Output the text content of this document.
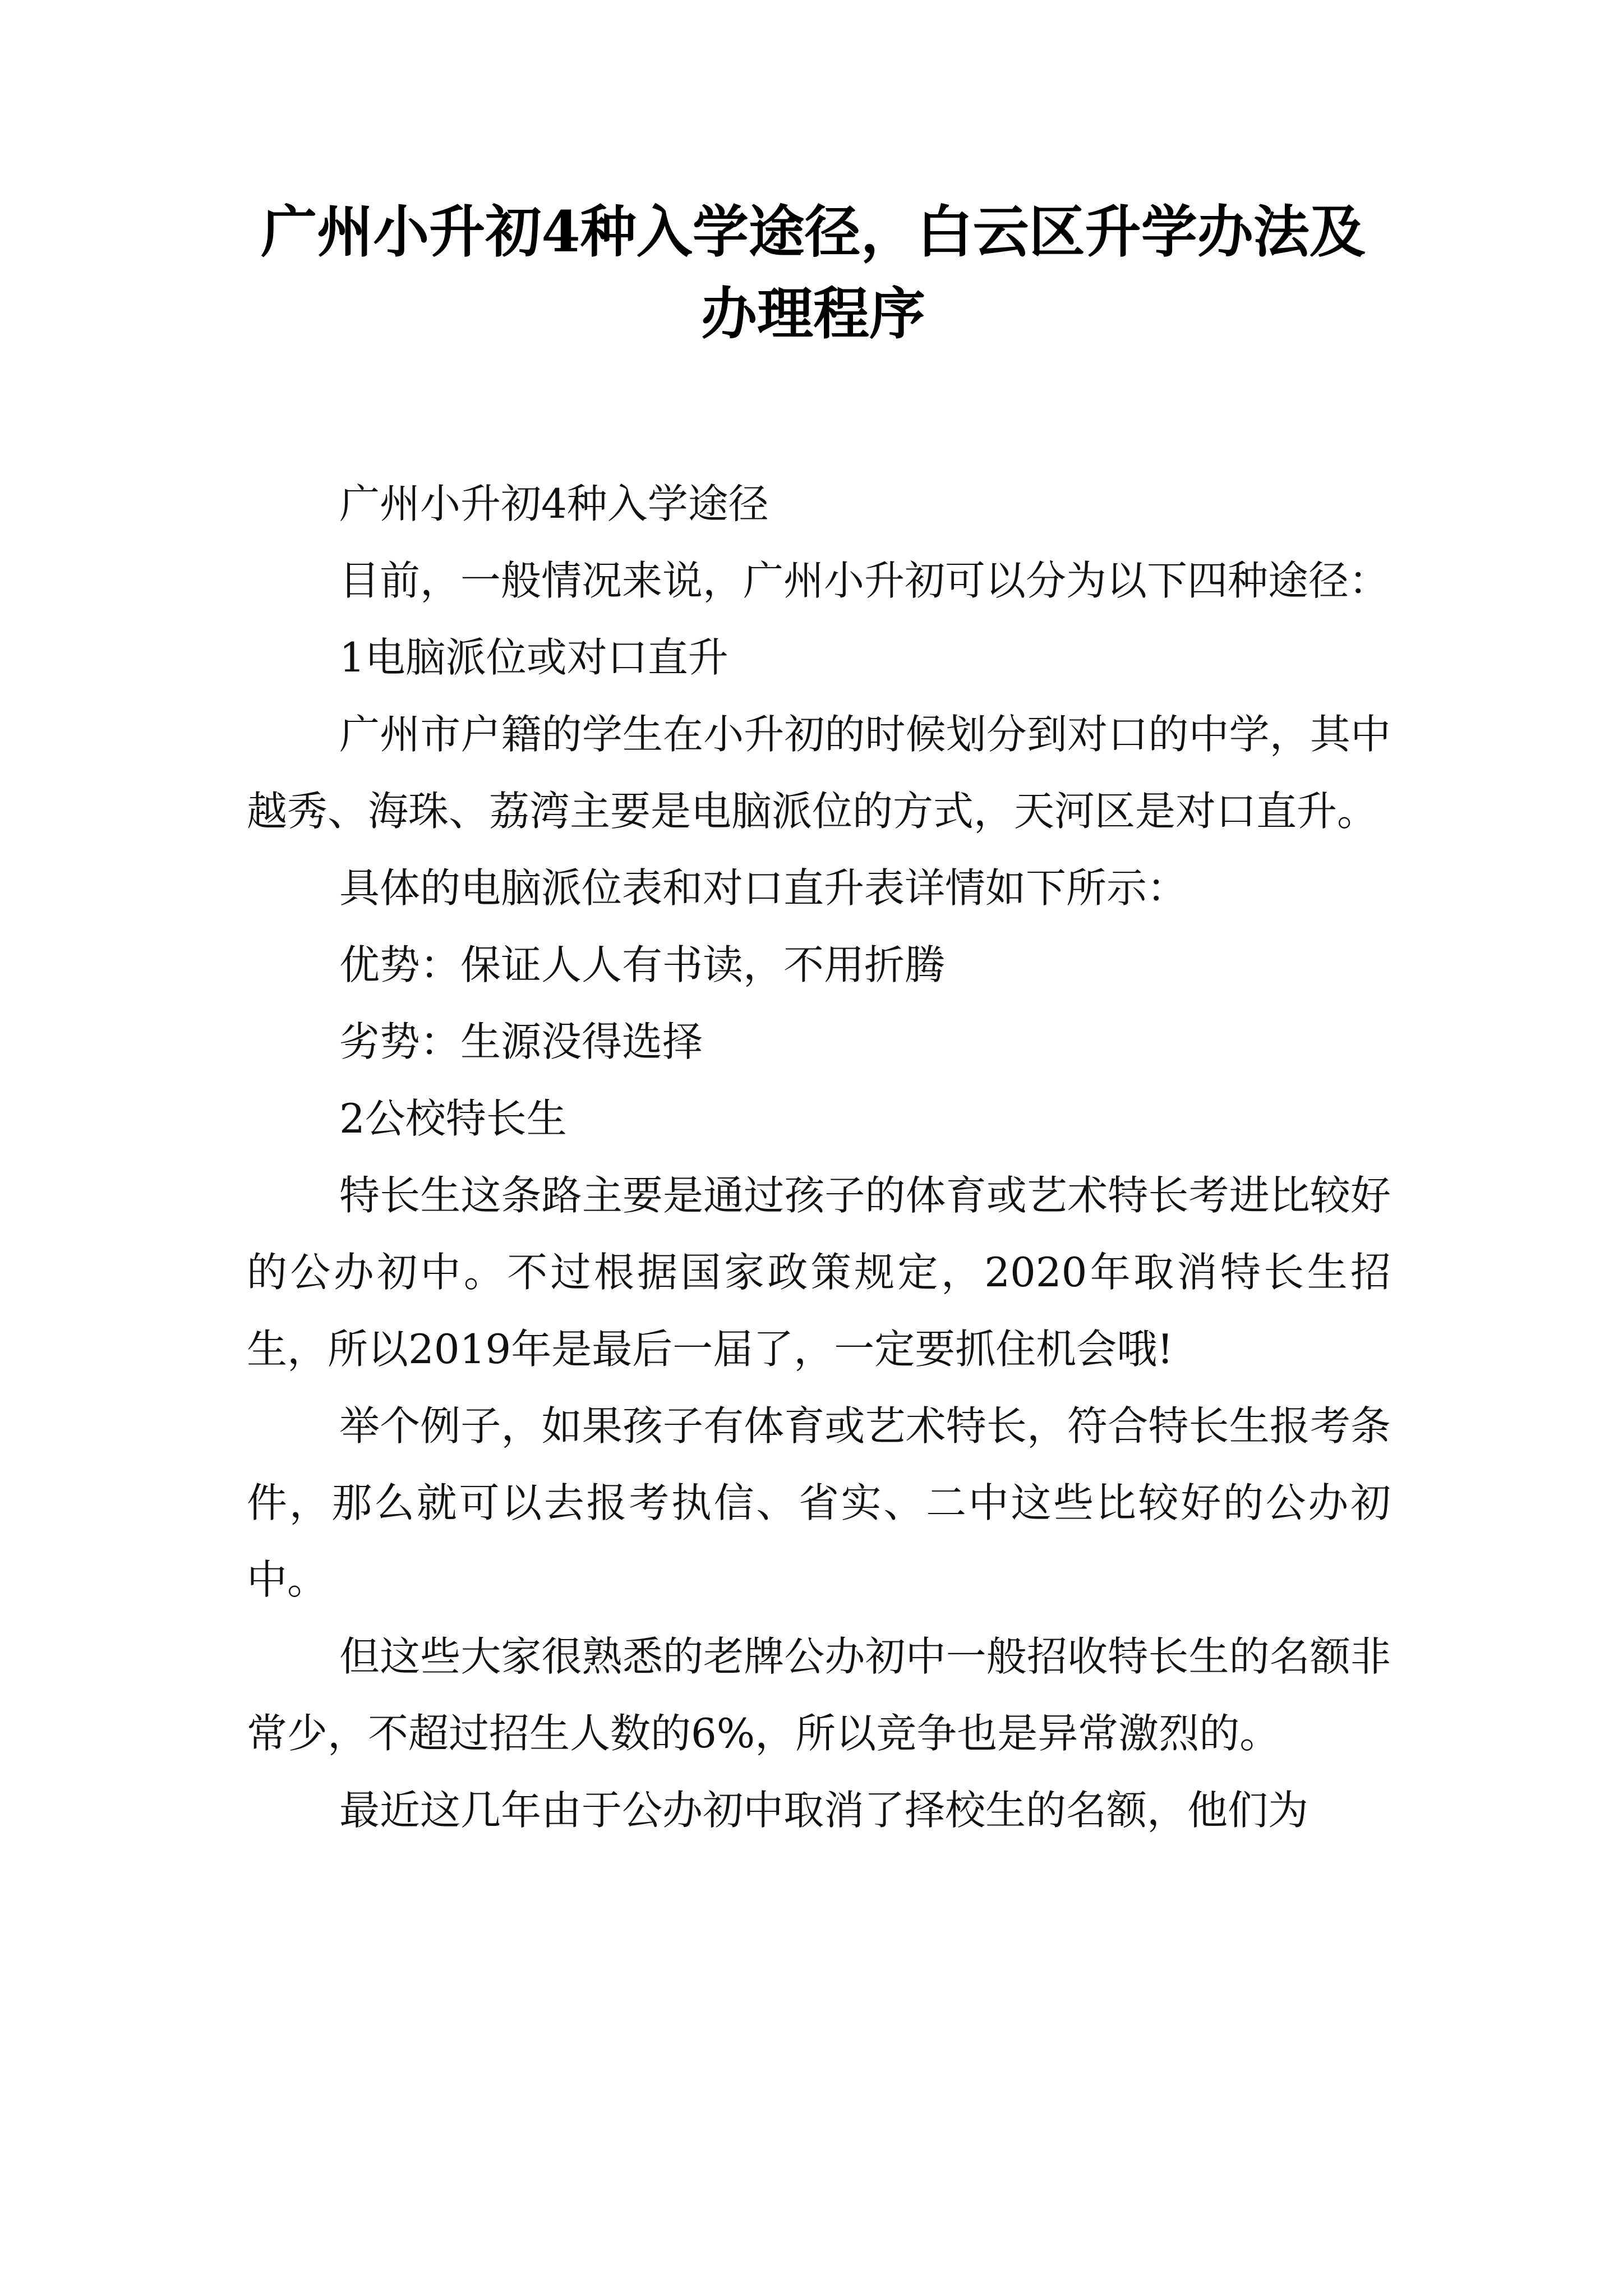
广州小升初4种入学途径，白云区升学办法及办理程序

广州小升初4种入学途径

目前，一般情况来说，广州小升初可以分为以下四种途径：

1电脑派位或对口直升

广州市户籍的学生在小升初的时候划分到对口的中学，其中越秀、海珠、荔湾主要是电脑派位的方式，天河区是对口直升。

具体的电脑派位表和对口直升表详情如下所示：

优势：保证人人有书读，不用折腾

劣势：生源没得选择

2公校特长生

特长生这条路主要是通过孩子的体育或艺术特长考进比较好的公办初中。不过根据国家政策规定，2020年取消特长生招生，所以2019年是最后一届了，一定要抓住机会哦!

举个例子，如果孩子有体育或艺术特长，符合特长生报考条件，那么就可以去报考执信、省实、二中这些比较好的公办初中。

但这些大家很熟悉的老牌公办初中一般招收特长生的名额非常少，不超过招生人数的6%，所以竞争也是异常激烈的。

最近这几年由于公办初中取消了择校生的名额，他们为
